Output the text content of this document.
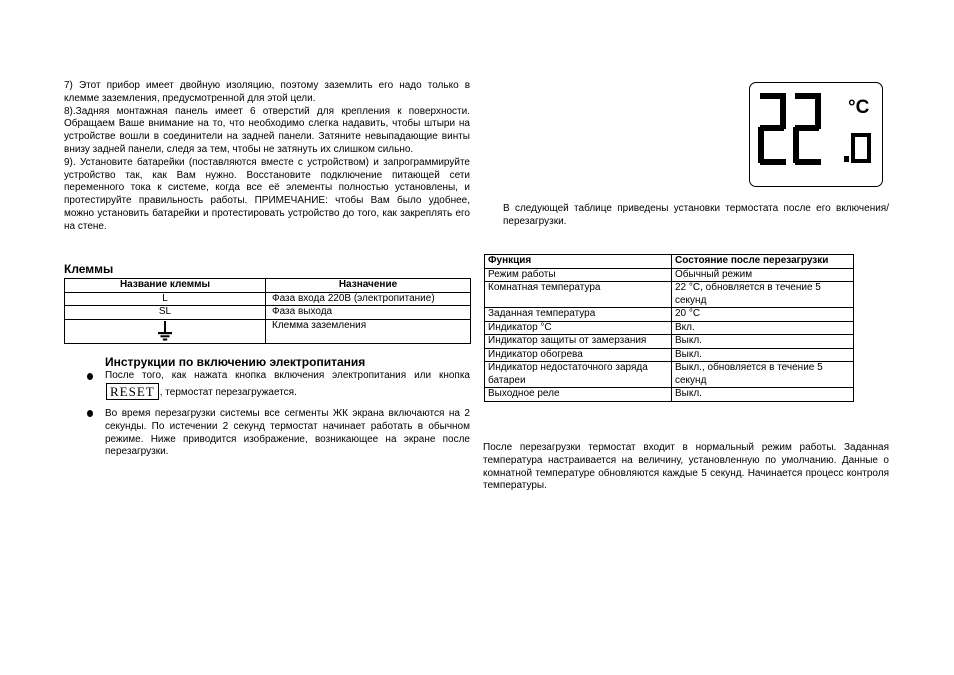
7) Этот прибор имеет двойную изоляцию, поэтому заземлить его надо только в клемме заземления, предусмотренной для этой цели.

8).Задняя монтажная панель имеет 6 отверстий для крепления к поверхности. Обращаем Ваше внимание на то, что необходимо слегка надавить, чтобы штыри на устройстве вошли в соединители на задней панели. Затяните невыпадающие винты внизу задней панели, следя за тем, чтобы не затянуть их слишком сильно.

9). Установите батарейки (поставляются вместе с устройством) и запрограммируйте устройство так, как Вам нужно. Восстановите подключение питающей сети переменного тока к системе, когда все её элементы полностью установлены, и протестируйте правильность работы. ПРИМЕЧАНИЕ: чтобы Вам было удобнее, можно установить батарейки и протестировать устройство до того, как закреплять его на стене.

Клеммы
Название клеммы	Назначение
L	Фаза входа 220В (электропитание)
SL	Фаза выхода

	Клемма заземления
Инструкции по включению электропитания
После того, как нажата кнопка включения электропитания или кнопкаRESET , термостат перезагружается.
Во время перезагрузки системы все сегменты ЖК экрана включаются на 2 секунды. По истечении 2 секунд термостат начинает работать в обычном режиме. Ниже приводится изображение, возникающее на экране после перезагрузки.
°C
В следующей таблице приведены установки термостата после его включения/перезагрузки.
Функция	Состояние после перезагрузки
Режим работы	Обычный режим
Комнатная температура	22 °C, обновляется в течение 5 секунд
Заданная температура	20 °C
Индикатор °C	Вкл.
Индикатор защиты от замерзания	Выкл.
Индикатор обогрева	Выкл.
Индикатор недостаточного заряда батареи	Выкл., обновляется в течение 5 секунд
Выходное реле	Выкл.
После перезагрузки термостат входит в нормальный режим работы. Заданная температура настраивается на величину, установленную по умолчанию. Данные о комнатной температуре обновляются каждые 5 секунд. Начинается процесс контроля температуры.
